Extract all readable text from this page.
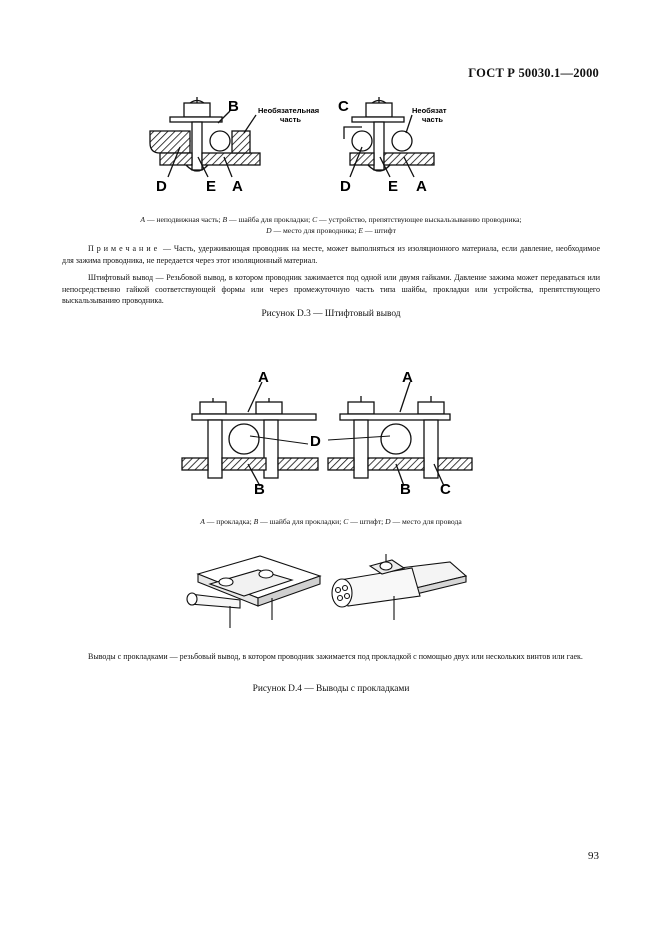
ГОСТ Р 50030.1—2000
B	Необязательная
часть
D	E A
C	Необязат
часть
D E A
A — неподвижная часть; B — шайба для прокладки; C — устройство, препятствующее выскальзыванию проводника;
D — место для проводника; E — штифт
Примечание — Часть, удерживающая проводник на месте, может выполняться из изоляционного материала, если давление, необходимое для зажима проводника, не передается через этот изоляционный материал.
Штифтовый вывод — Резьбовой вывод, в котором проводник зажимается под одной или двумя гайками. Давление зажима может передаваться или непосредственно гайкой соответствующей формы или через промежуточную часть типа шайбы, прокладки или устройства, препятствующего выскальзыванию проводника.
Рисунок D.3 — Штифтовый вывод
A	A
D
B	B C
A — прокладка; B — шайба для прокладки; C — штифт; D — место для провода
Выводы с прокладками — резьбовый вывод, в котором проводник зажимается под прокладкой с помощью двух или нескольких винтов или гаек.
Рисунок D.4 — Выводы с прокладками
93
